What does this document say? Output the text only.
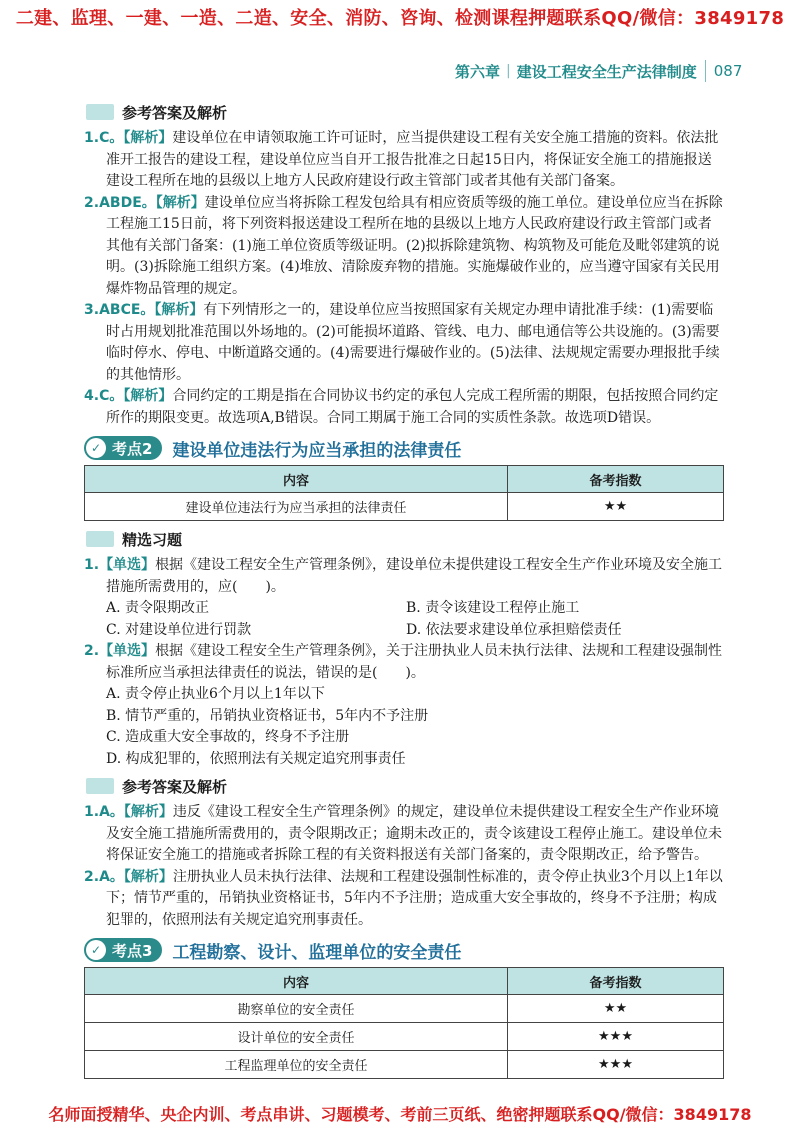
二建、监理、一建、一造、二造、安全、消防、咨询、检测课程押题联系QQ/微信：3849178
第六章 | 建设工程安全生产法律制度 087
参考答案及解析
1.C。【解析】建设单位在申请领取施工许可证时，应当提供建设工程有关安全施工措施的资料。依法批准开工报告的建设工程，建设单位应当自开工报告批准之日起15日内，将保证安全施工的措施报送建设工程所在地的县级以上地方人民政府建设行政主管部门或者其他有关部门备案。
2.ABDE。【解析】建设单位应当将拆除工程发包给具有相应资质等级的施工单位。建设单位应当在拆除工程施工15日前，将下列资料报送建设工程所在地的县级以上地方人民政府建设行政主管部门或者其他有关部门备案：(1)施工单位资质等级证明。(2)拟拆除建筑物、构筑物及可能危及毗邻建筑的说明。(3)拆除施工组织方案。(4)堆放、清除废弃物的措施。实施爆破作业的，应当遵守国家有关民用爆炸物品管理的规定。
3.ABCE。【解析】有下列情形之一的，建设单位应当按照国家有关规定办理申请批准手续：(1)需要临时占用规划批准范围以外场地的。(2)可能损坏道路、管线、电力、邮电通信等公共设施的。(3)需要临时停水、停电、中断道路交通的。(4)需要进行爆破作业的。(5)法律、法规规定需要办理报批手续的其他情形。
4.C。【解析】合同约定的工期是指在合同协议书约定的承包人完成工程所需的期限，包括按照合同约定所作的期限变更。故选项A,B错误。合同工期属于施工合同的实质性条款。故选项D错误。
✓ 考点2 建设单位违法行为应当承担的法律责任
内容	备考指数
建设单位违法行为应当承担的法律责任	★★
精选习题
1.【单选】根据《建设工程安全生产管理条例》，建设单位未提供建设工程安全生产作业环境及安全施工措施所需费用的，应(　　)。
A. 责令限期改正	B. 责令该建设工程停止施工
C. 对建设单位进行罚款	D. 依法要求建设单位承担赔偿责任
2.【单选】根据《建设工程安全生产管理条例》，关于注册执业人员未执行法律、法规和工程建设强制性标准所应当承担法律责任的说法，错误的是(　　)。
A. 责令停止执业6个月以上1年以下
B. 情节严重的，吊销执业资格证书，5年内不予注册
C. 造成重大安全事故的，终身不予注册
D. 构成犯罪的，依照刑法有关规定追究刑事责任
参考答案及解析
1.A。【解析】违反《建设工程安全生产管理条例》的规定，建设单位未提供建设工程安全生产作业环境及安全施工措施所需费用的，责令限期改正；逾期未改正的，责令该建设工程停止施工。建设单位未将保证安全施工的措施或者拆除工程的有关资料报送有关部门备案的，责令限期改正，给予警告。
2.A。【解析】注册执业人员未执行法律、法规和工程建设强制性标准的，责令停止执业3个月以上1年以下；情节严重的，吊销执业资格证书，5年内不予注册；造成重大安全事故的，终身不予注册；构成犯罪的，依照刑法有关规定追究刑事责任。
✓ 考点3 工程勘察、设计、监理单位的安全责任
内容	备考指数
勘察单位的安全责任	★★
设计单位的安全责任	★★★
工程监理单位的安全责任	★★★
名师面授精华、央企内训、考点串讲、习题模考、考前三页纸、绝密押题联系QQ/微信：3849178
